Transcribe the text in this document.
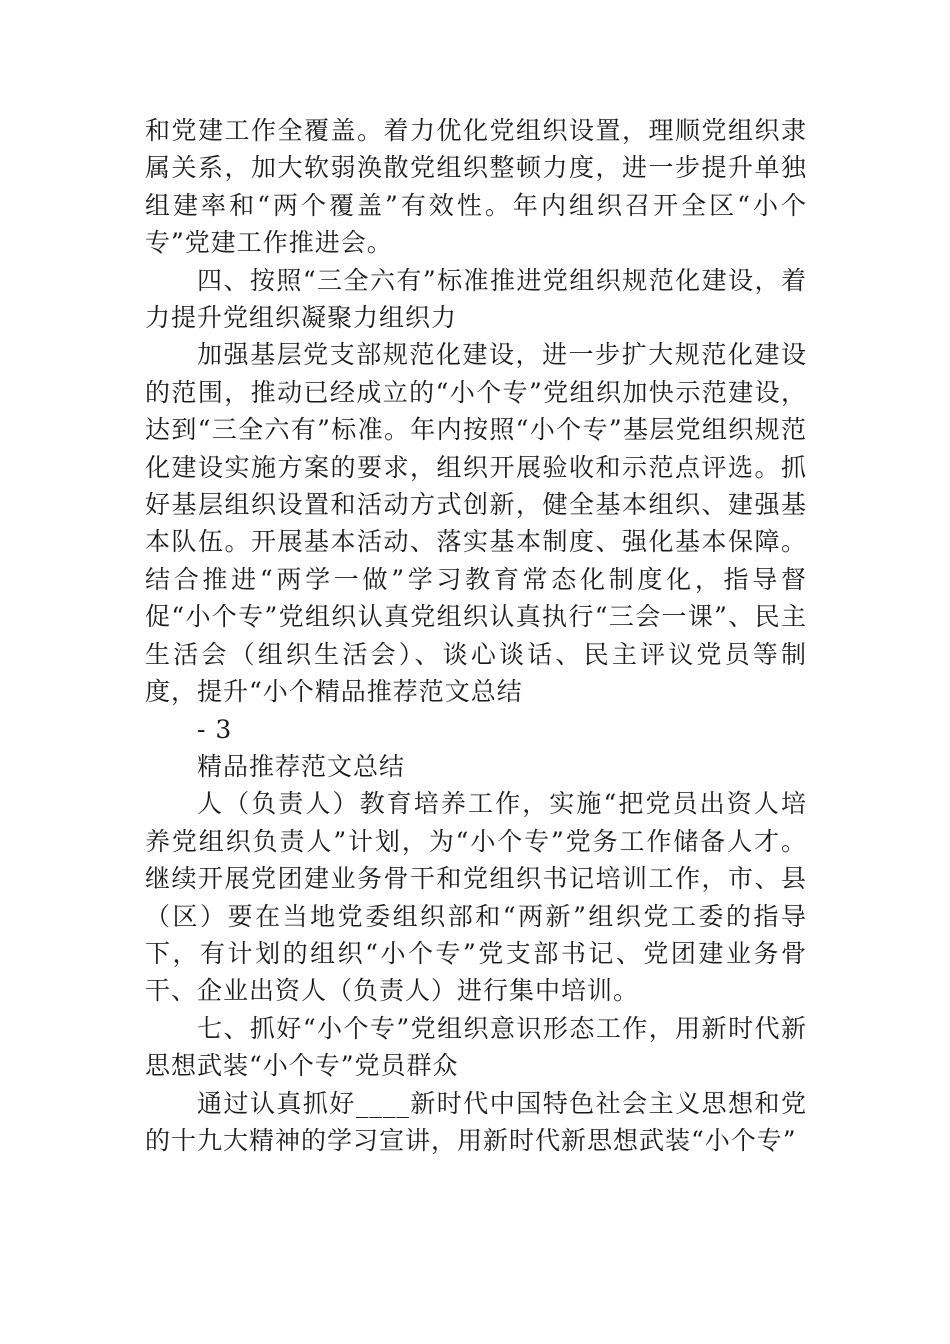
和党建工作全覆盖。着力优化党组织设置，理顺党组织隶属关系，加大软弱涣散党组织整顿力度，进一步提升单独组建率和“两个覆盖”有效性。年内组织召开全区“小个专”党建工作推进会。

四、按照“三全六有”标准推进党组织规范化建设，着力提升党组织凝聚力组织力

加强基层党支部规范化建设，进一步扩大规范化建设的范围，推动已经成立的“小个专”党组织加快示范建设，达到“三全六有”标准。年内按照“小个专”基层党组织规范化建设实施方案的要求，组织开展验收和示范点评选。抓好基层组织设置和活动方式创新，健全基本组织、建强基本队伍。开展基本活动、落实基本制度、强化基本保障。结合推进“两学一做”学习教育常态化制度化，指导督促“小个专”党组织认真党组织认真执行“三会一课”、民主生活会（组织生活会）、谈心谈话、民主评议党员等制度，提升“小个精品推荐范文总结

- 3

精品推荐范文总结

人（负责人）教育培养工作，实施“把党员出资人培养党组织负责人”计划，为“小个专”党务工作储备人才。继续开展党团建业务骨干和党组织书记培训工作，市、县（区）要在当地党委组织部和“两新”组织党工委的指导下，有计划的组织“小个专”党支部书记、党团建业务骨干、企业出资人（负责人）进行集中培训。

七、抓好“小个专”党组织意识形态工作，用新时代新思想武装“小个专”党员群众

通过认真抓好____新时代中国特色社会主义思想和党的十九大精神的学习宣讲，用新时代新思想武装“小个专”
